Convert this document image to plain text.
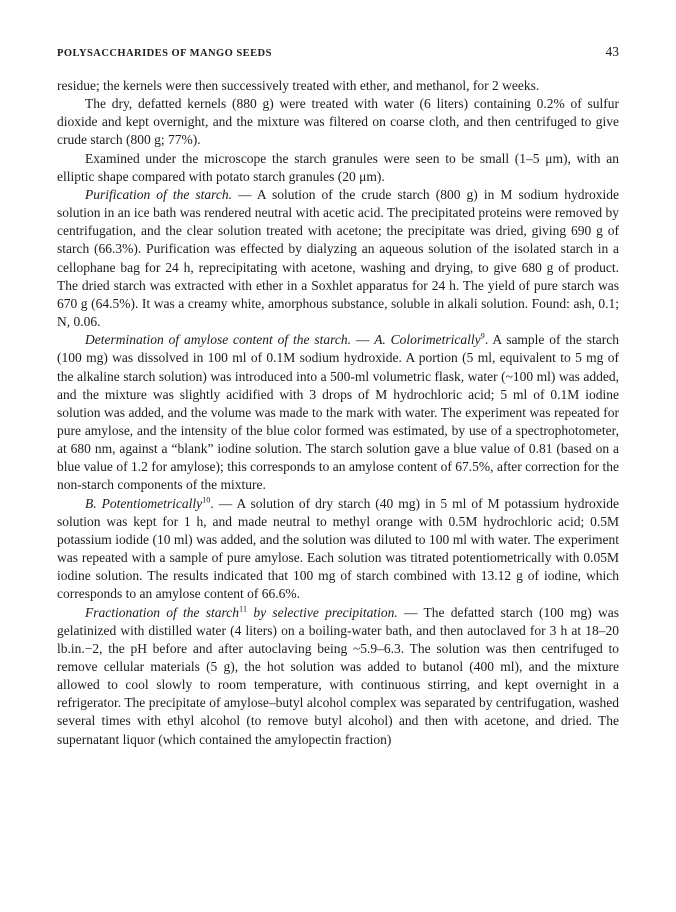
POLYSACCHARIDES OF MANGO SEEDS	43

residue; the kernels were then successively treated with ether, and methanol, for 2 weeks.

The dry, defatted kernels (880 g) were treated with water (6 liters) containing 0.2% of sulfur dioxide and kept overnight, and the mixture was filtered on coarse cloth, and then centrifuged to give crude starch (800 g; 77%).

Examined under the microscope the starch granules were seen to be small (1–5 μm), with an elliptic shape compared with potato starch granules (20 μm).

Purification of the starch. — A solution of the crude starch (800 g) in M sodium hydroxide solution in an ice bath was rendered neutral with acetic acid. The precipitated proteins were removed by centrifugation, and the clear solution treated with acetone; the precipitate was dried, giving 690 g of starch (66.3%). Purification was effected by dialyzing an aqueous solution of the isolated starch in a cellophane bag for 24 h, reprecipitating with acetone, washing and drying, to give 680 g of product. The dried starch was extracted with ether in a Soxhlet apparatus for 24 h. The yield of pure starch was 670 g (64.5%). It was a creamy white, amorphous substance, soluble in alkali solution. Found: ash, 0.1; N, 0.06.

Determination of amylose content of the starch. — A. Colorimetrically$^9$. A sample of the starch (100 mg) was dissolved in 100 ml of 0.1M sodium hydroxide. A portion (5 ml, equivalent to 5 mg of the alkaline starch solution) was introduced into a 500-ml volumetric flask, water (~100 ml) was added, and the mixture was slightly acidified with 3 drops of M hydrochloric acid; 5 ml of 0.1M iodine solution was added, and the volume was made to the mark with water. The experiment was repeated for pure amylose, and the intensity of the blue color formed was estimated, by use of a spectrophotometer, at 680 nm, against a “blank” iodine solution. The starch solution gave a blue value of 0.81 (based on a blue value of 1.2 for amylose); this corresponds to an amylose content of 67.5%, after correction for the non-starch components of the mixture.

B. Potentiometrically$^{10}$. — A solution of dry starch (40 mg) in 5 ml of M potassium hydroxide solution was kept for 1 h, and made neutral to methyl orange with 0.5M hydrochloric acid; 0.5M potassium iodide (10 ml) was added, and the solution was diluted to 100 ml with water. The experiment was repeated with a sample of pure amylose. Each solution was titrated potentiometrically with 0.05M iodine solution. The results indicated that 100 mg of starch combined with 13.12 g of iodine, which corresponds to an amylose content of 66.6%.

Fractionation of the starch$^{11}$ by selective precipitation. — The defatted starch (100 mg) was gelatinized with distilled water (4 liters) on a boiling-water bath, and then autoclaved for 3 h at 18–20 lb.in.−2, the pH before and after autoclaving being ~5.9–6.3. The solution was then centrifuged to remove cellular materials (5 g), the hot solution was added to butanol (400 ml), and the mixture allowed to cool slowly to room temperature, with continuous stirring, and kept overnight in a refrigerator. The precipitate of amylose–butyl alcohol complex was separated by centrifugation, washed several times with ethyl alcohol (to remove butyl alcohol) and then with acetone, and dried. The supernatant liquor (which contained the amylopectin fraction)
